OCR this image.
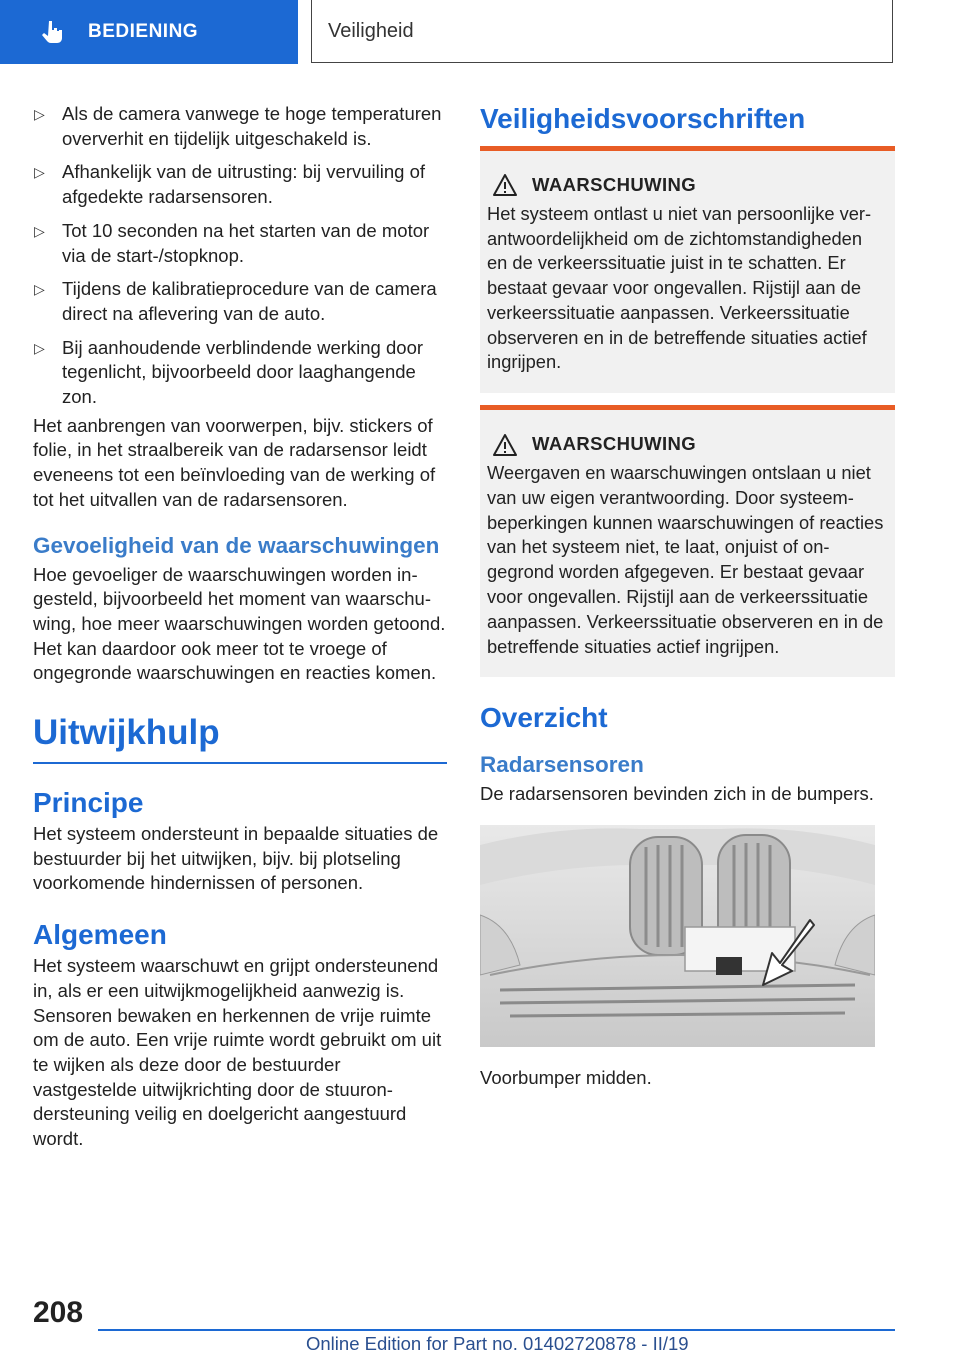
BEDIENING	Veiligheid
▷ Als de camera vanwege te hoge temperaturen oververhit en tijdelijk uitgeschakeld is.
▷ Afhankelijk van de uitrusting: bij vervuiling of afgedekte radarsensoren.
▷ Tot 10 seconden na het starten van de motor via de start-/stopknop.
▷ Tijdens de kalibratieprocedure van de camera direct na aflevering van de auto.
▷ Bij aanhoudende verblindende werking door tegenlicht, bijvoorbeeld door laaghangende zon.

Het aanbrengen van voorwerpen, bijv. stickers of folie, in het straalbereik van de radarsensor leidt eveneens tot een beïnvloeding van de werking of tot het uitvallen van de radarsensoren.

Gevoeligheid van de waarschuwingen

Hoe gevoeliger de waarschuwingen worden ingesteld, bijvoorbeeld het moment van waarschuwing, hoe meer waarschuwingen worden getoond. Het kan daardoor ook meer tot te vroege of ongegronde waarschuwingen en reacties komen.

Uitwijkhulp
Principe

Het systeem ondersteunt in bepaalde situaties de bestuurder bij het uitwijken, bijv. bij plotseling voorkomende hindernissen of personen.

Algemeen

Het systeem waarschuwt en grijpt ondersteunend in, als er een uitwijkmogelijkheid aanwezig is. Sensoren bewaken en herkennen de vrije ruimte om de auto. Een vrije ruimte wordt gebruikt om uit te wijken als deze door de bestuurder vastgestelde uitwijkrichting door de stuurondersteuning veilig en doelgericht aangestuurd wordt.

Veiligheidsvoorschriften
WAARSCHUWING

Het systeem ontlast u niet van persoonlijke verantwoordelijkheid om de zichtomstandigheden en de verkeerssituatie juist in te schatten. Er bestaat gevaar voor ongevallen. Rijstijl aan de verkeerssituatie aanpassen. Verkeerssituatie observeren en in de betreffende situaties actief ingrijpen.

WAARSCHUWING

Weergaven en waarschuwingen ontslaan u niet van uw eigen verantwoording. Door systeembeperkingen kunnen waarschuwingen of reacties van het systeem niet, te laat, onjuist of ongegrond worden afgegeven. Er bestaat gevaar voor ongevallen. Rijstijl aan de verkeerssituatie aanpassen. Verkeerssituatie observeren en in de betreffende situaties actief ingrijpen.

Overzicht
Radarsensoren

De radarsensoren bevinden zich in de bumpers.

Voorbumper midden.

208
Online Edition for Part no. 01402720878 - II/19
